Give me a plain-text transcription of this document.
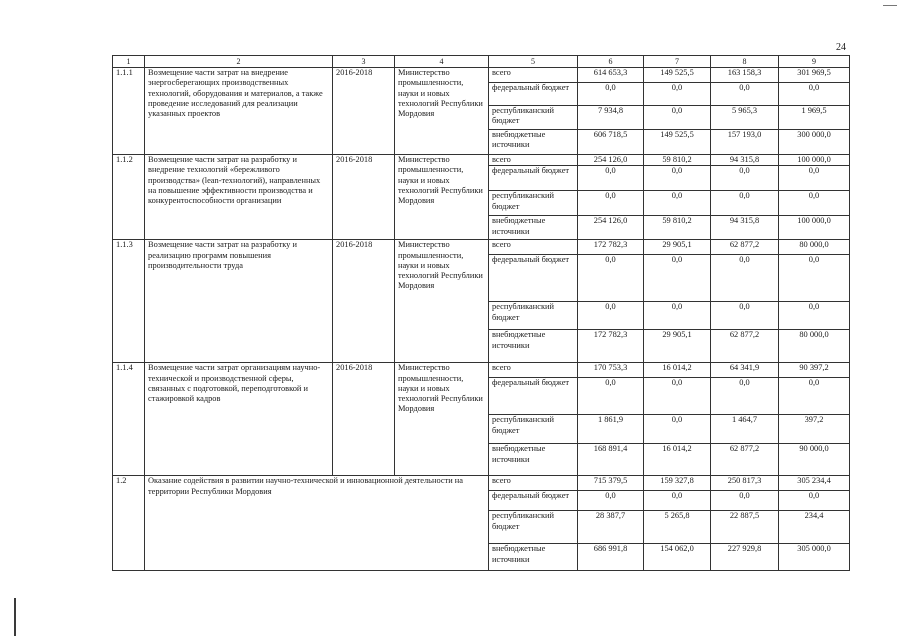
24
1	2	3	4	5	6	7	8	9
1.1.1	Возмещение части затрат на внедрение энергосберегающих производственных технологий, оборудования и материалов, а также проведение исследований для реализации указанных проектов	2016-2018	Министерство промышленности, науки и новых технологий Республики Мордовия	всего	614 653,3	149 525,5	163 158,3	301 969,5
				федеральный бюджет	0,0	0,0	0,0	0,0
				республиканский бюджет	7 934,8	0,0	5 965,3	1 969,5
				внебюджетные источники	606 718,5	149 525,5	157 193,0	300 000,0
1.1.2	Возмещение части затрат на разработку и внедрение технологий «бережливого производства» (lean-технологий), направленных на повышение эффективности производства и конкурентоспособности организации	2016-2018	Министерство промышленности, науки и новых технологий Республики Мордовия	всего	254 126,0	59 810,2	94 315,8	100 000,0
				федеральный бюджет	0,0	0,0	0,0	0,0
				республиканский бюджет	0,0	0,0	0,0	0,0
				внебюджетные источники	254 126,0	59 810,2	94 315,8	100 000,0
1.1.3	Возмещение части затрат на разработку и реализацию программ повышения производительности труда	2016-2018	Министерство промышленности, науки и новых технологий Республики Мордовия	всего	172 782,3	29 905,1	62 877,2	80 000,0
				федеральный бюджет	0,0	0,0	0,0	0,0
				республиканский бюджет	0,0	0,0	0,0	0,0
				внебюджетные источники	172 782,3	29 905,1	62 877,2	80 000,0
1.1.4	Возмещение части затрат организациям научно-технической и производственной сферы, связанных с подготовкой, переподготовкой и стажировкой кадров	2016-2018	Министерство промышленности, науки и новых технологий Республики Мордовия	всего	170 753,3	16 014,2	64 341,9	90 397,2
				федеральный бюджет	0,0	0,0	0,0	0,0
				республиканский бюджет	1 861,9	0,0	1 464,7	397,2
				внебюджетные источники	168 891,4	16 014,2	62 877,2	90 000,0
1.2	Оказание содействия в развитии научно-технической и инновационной деятельности на территории Республики Мордовия			всего	715 379,5	159 327,8	250 817,3	305 234,4
				федеральный бюджет	0,0	0,0	0,0	0,0
				республиканский бюджет	28 387,7	5 265,8	22 887,5	234,4
				внебюджетные источники	686 991,8	154 062,0	227 929,8	305 000,0
